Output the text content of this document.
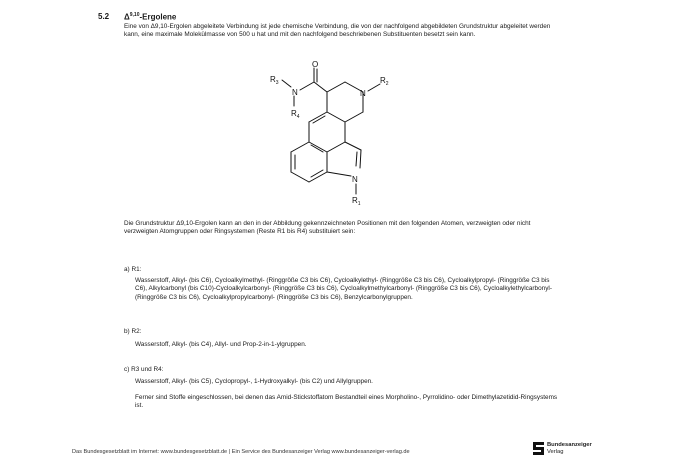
5.2 Δ$^{9,10}$-Ergolene
Eine von Δ9,10-Ergolen abgeleitete Verbindung ist jede chemische Verbindung, die von der nachfolgend abgebildeten Grundstruktur abgeleitet werden kann, eine maximale Molekülmasse von 500 u hat und mit den nachfolgend beschriebenen Substituenten besetzt sein kann.
O
N
$R_3$
$R_4$
N
$R_2$
N
$R_1$
Die Grundstruktur Δ9,10-Ergolen kann an den in der Abbildung gekennzeichneten Positionen mit den folgenden Atomen, verzweigten oder nicht verzweigten Atomgruppen oder Ringsystemen (Reste R1 bis R4) substituiert sein:
a) R1:
Wasserstoff, Alkyl- (bis C6), Cycloalkylmethyl- (Ringgröße C3 bis C6), Cycloalkylethyl- (Ringgröße C3 bis C6), Cycloalkylpropyl- (Ringgröße C3 bis C6), Alkylcarbonyl (bis C10)-Cycloalkylcarbonyl- (Ringgröße C3 bis C6), Cycloalkylmethylcarbonyl- (Ringgröße C3 bis C6), Cycloalkylethylcarbonyl- (Ringgröße C3 bis C6), Cycloalkylpropylcarbonyl- (Ringgröße C3 bis C6), Benzylcarbonylgruppen.
b) R2:
Wasserstoff, Alkyl- (bis C4), Allyl- und Prop-2-in-1-ylgruppen.
c) R3 und R4:
Wasserstoff, Alkyl- (bis C5), Cyclopropyl-, 1-Hydroxyalkyl- (bis C2) und Allylgruppen.
Ferner sind Stoffe eingeschlossen, bei denen das Amid-Stickstoffatom Bestandteil eines Morpholino-, Pyrrolidino- oder Dimethylazetidid-Ringsystems ist.
Das Bundesgesetzblatt im Internet: www.bundesgesetzblatt.de | Ein Service des Bundesanzeiger Verlag www.bundesanzeiger-verlag.de
Bundesanzeiger
Verlag
